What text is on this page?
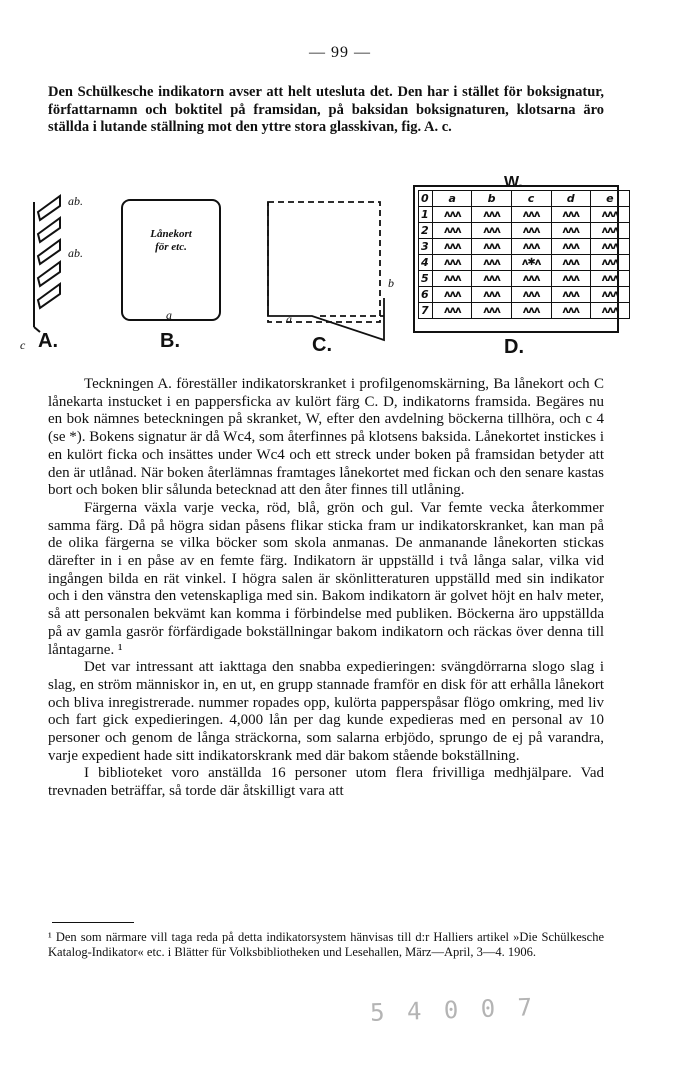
— 99 —

Den Schülkesche indikatorn avser att helt utesluta det. Den har i stället för boksignatur, författarnamn och boktitel på framsidan, på baksidan boksignaturen, klotsarna äro ställda i lutande ställning mot den yttre stora glasskivan, fig. A. c.

ab.
ab.
c A.
Lånekort
för etc.
a
B.
a
b
C.
W.
0	a	b	c	d	e
1	ʌʌʌ	ʌʌʌ	ʌʌʌ	ʌʌʌ	ʌʌʌ
2	ʌʌʌ	ʌʌʌ	ʌʌʌ	ʌʌʌ	ʌʌʌ
3	ʌʌʌ	ʌʌʌ	ʌʌʌ	ʌʌʌ	ʌʌʌ
4	ʌʌʌ	ʌʌʌ	ʌ✱ʌ	ʌʌʌ	ʌʌʌ
5	ʌʌʌ	ʌʌʌ	ʌʌʌ	ʌʌʌ	ʌʌʌ
6	ʌʌʌ	ʌʌʌ	ʌʌʌ	ʌʌʌ	ʌʌʌ
7	ʌʌʌ	ʌʌʌ	ʌʌʌ	ʌʌʌ	ʌʌʌ
D.

Teckningen A. föreställer indikatorskranket i profilgenomskärning, Ba lånekort och C lånekarta instucket i en pappersficka av kulört färg C. D, indikatorns framsida. Begäres nu en bok nämnes beteckningen på skranket, W, efter den avdelning böckerna tillhöra, och c 4 (se *). Bokens signatur är då Wc4, som återfinnes på klotsens baksida. Lånekortet instickes i en kulört ficka och insättes under Wc4 och ett streck under boken på framsidan betyder att den är utlånad. När boken återlämnas framtages lånekortet med fickan och den senare kastas bort och boken blir sålunda betecknad att den åter finnes till utlåning.

Färgerna växla varje vecka, röd, blå, grön och gul. Var femte vecka återkommer samma färg. Då på högra sidan påsens flikar sticka fram ur indikatorskranket, kan man på de olika färgerna se vilka böcker som skola anmanas. De anmanande lånekorten stickas därefter in i en påse av en femte färg. Indikatorn är uppställd i två långa salar, vilka vid ingången bilda en rät vinkel. I högra salen är skönlitteraturen uppställd med sin indikator och i den vänstra den vetenskapliga med sin. Bakom indikatorn är golvet höjt en halv meter, så att personalen bekvämt kan komma i förbindelse med publiken. Böckerna äro uppställda på av gamla gasrör förfärdigade bokställningar bakom indikatorn och räckas över denna till låntagarne. ¹

Det var intressant att iakttaga den snabba expedieringen: svängdörrarna slogo slag i slag, en ström människor in, en ut, en grupp stannade framför en disk för att erhålla lånekort och bliva inregistrerade. nummer ropades opp, kulörta papperspåsar flögo omkring, med liv och fart gick expedieringen. 4,000 lån per dag kunde expedieras med en personal av 10 personer och genom de långa sträckorna, som salarna erbjödo, sprungo de ej på varandra, varje expedient hade sitt indikatorskrank med där bakom stående bokställning.

I biblioteket voro anställda 16 personer utom flera frivilliga medhjälpare. Vad trevnaden beträffar, så torde där åtskilligt vara att

¹ Den som närmare vill taga reda på detta indikatorsystem hänvisas till d:r Halliers artikel »Die Schülkesche Katalog-Indikator« etc. i Blätter für Volksbibliotheken und Lesehallen, März—April, 3—4. 1906.

5 4 0 0 7
